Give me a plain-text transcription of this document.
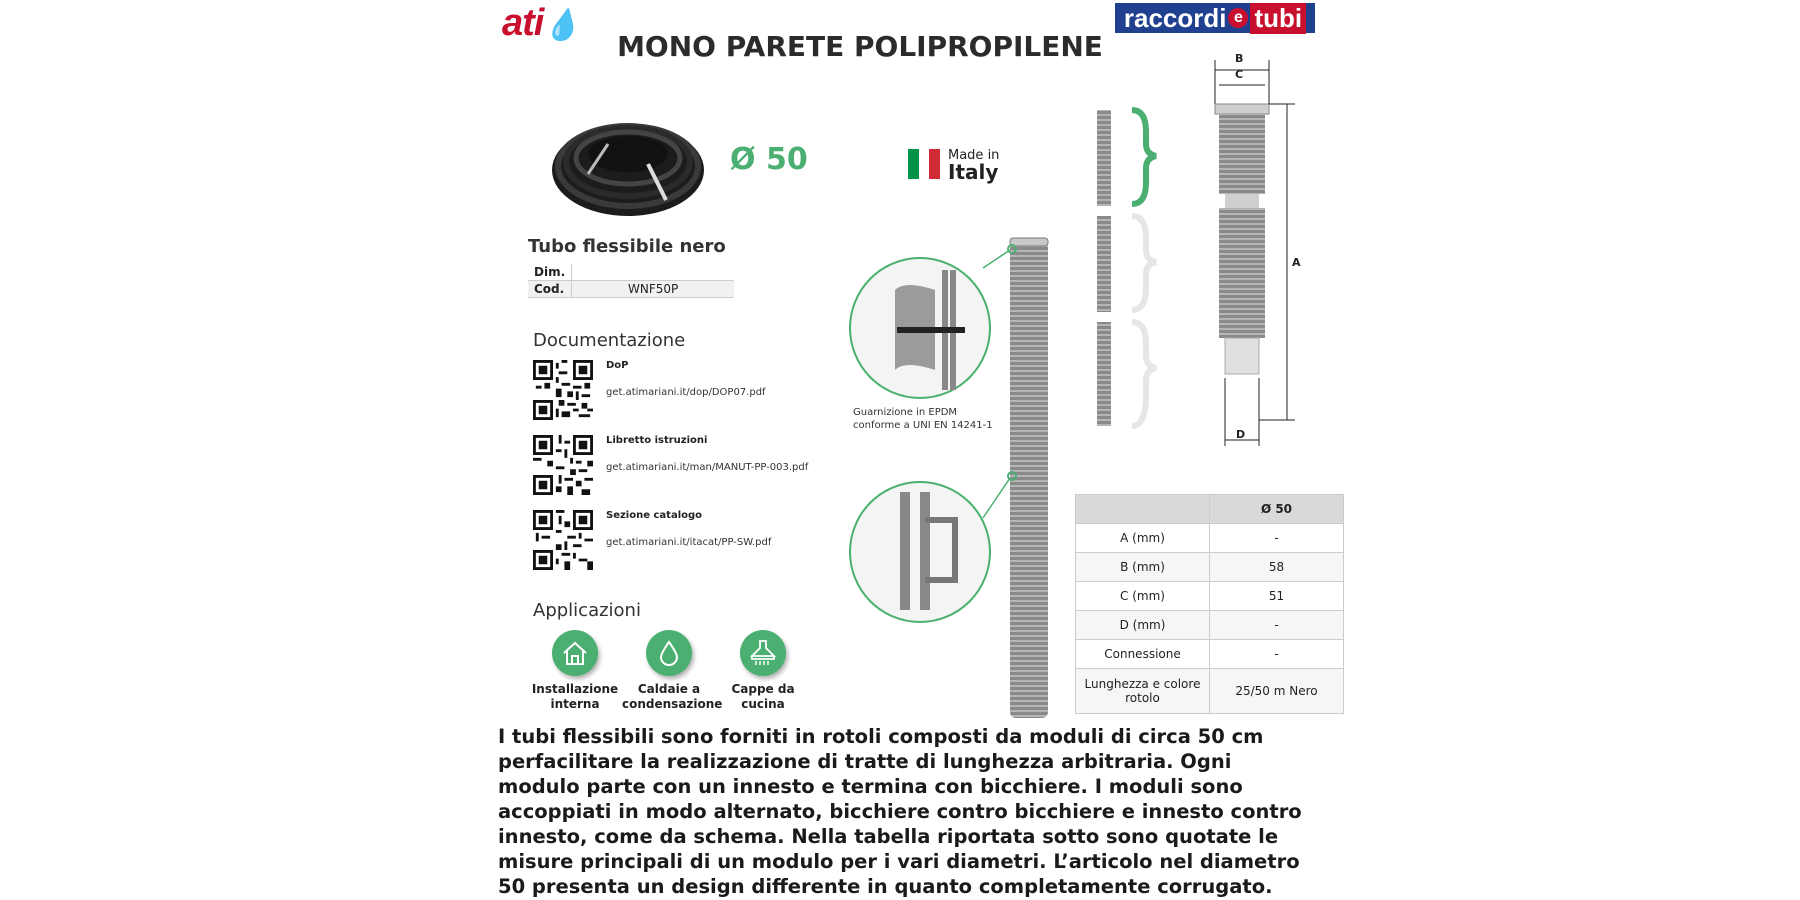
ati💧	raccordi e tubi
MONO PARETE POLIPROPILENE
Ø 50	Made in
Italy
Tubo flessibile nero
Dim.	
Cod.	WNF50P
Documentazione
DoP
get.atimariani.it/dop/DOP07.pdf
Libretto istruzioni
get.atimariani.it/man/MANUT-PP-003.pdf
Sezione catalogo
get.atimariani.it/itacat/PP-SW.pdf
Applicazioni
Installazione
interna
Caldaie a
condensazione
Cappe da
cucina
Guarnizione in EPDM
conforme a UNI EN 14241-1
B
C
A
D
	Ø 50
A (mm)	-
B (mm)	58
C (mm)	51
D (mm)	-
Connessione	-
Lunghezza e colore rotolo	25/50 m Nero
I tubi flessibili sono forniti in rotoli composti da moduli di circa 50 cm perfacilitare la realizzazione di tratte di lunghezza arbitraria. Ogni modulo parte con un innesto e termina con bicchiere. I moduli sono accoppiati in modo alternato, bicchiere contro bicchiere e innesto contro innesto, come da schema. Nella tabella riportata sotto sono quotate le misure principali di un modulo per i vari diametri. L’articolo nel diametro 50 presenta un design differente in quanto completamente corrugato.
